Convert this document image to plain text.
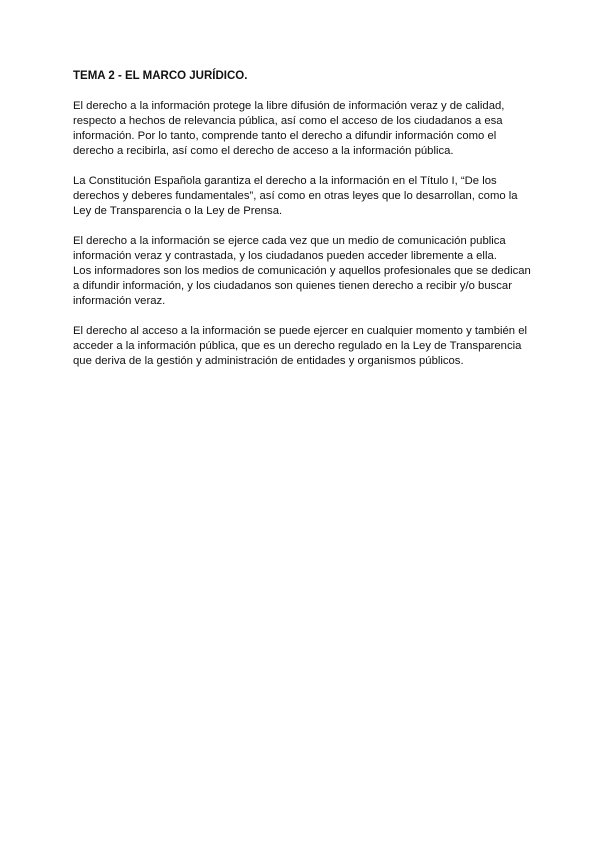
TEMA 2 - EL MARCO JURÍDICO.
El derecho a la información protege la libre difusión de información veraz y de calidad,
respecto a hechos de relevancia pública, así como el acceso de los ciudadanos a esa
información. Por lo tanto, comprende tanto el derecho a difundir información como el
derecho a recibirla, así como el derecho de acceso a la información pública.
La Constitución Española garantiza el derecho a la información en el Título I, “De los
derechos y deberes fundamentales”, así como en otras leyes que lo desarrollan, como la
Ley de Transparencia o la Ley de Prensa.
El derecho a la información se ejerce cada vez que un medio de comunicación publica
información veraz y contrastada, y los ciudadanos pueden acceder libremente a ella.
Los informadores son los medios de comunicación y aquellos profesionales que se dedican
a difundir información, y los ciudadanos son quienes tienen derecho a recibir y/o buscar
información veraz.
El derecho al acceso a la información se puede ejercer en cualquier momento y también el
acceder a la información pública, que es un derecho regulado en la Ley de Transparencia
que deriva de la gestión y administración de entidades y organismos públicos.
